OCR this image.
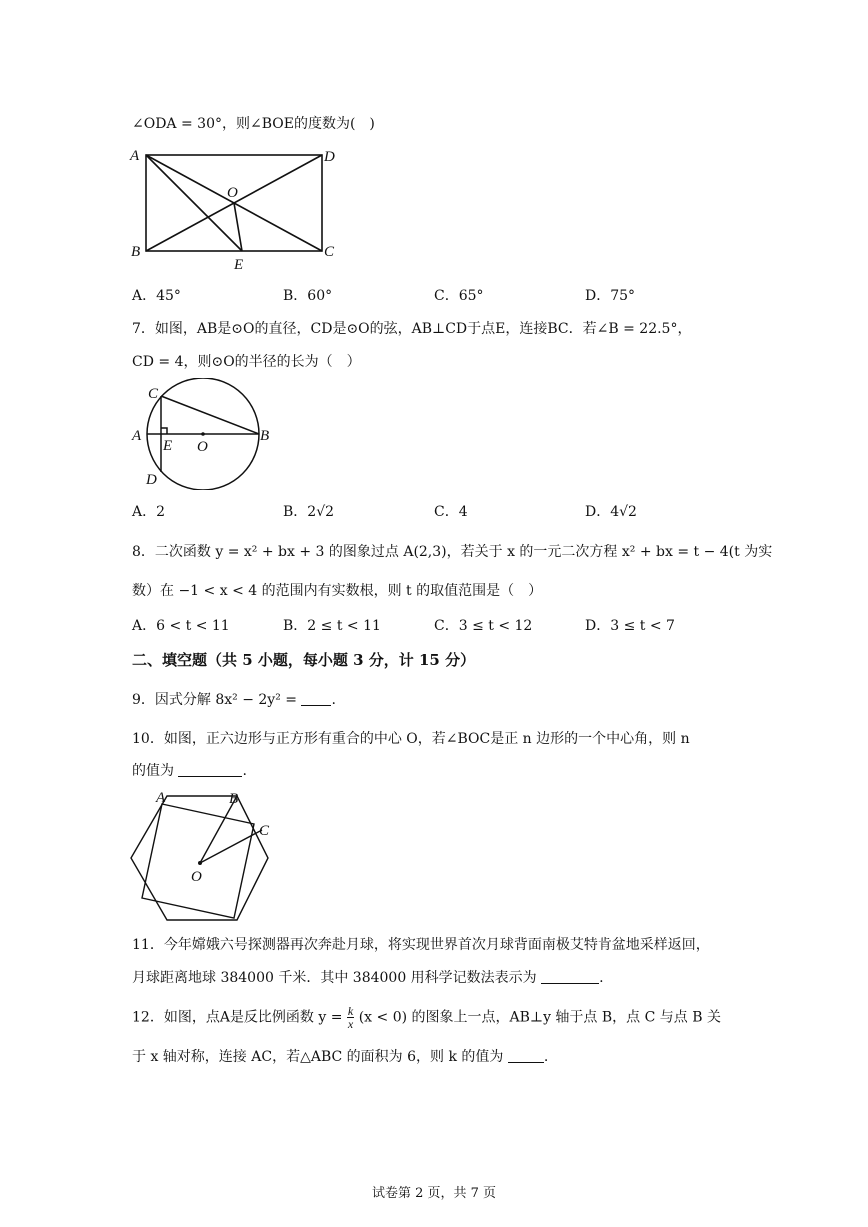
∠ODA = 30°，则∠BOE的度数为(　)
A	D
O
B	C
E
A．45°	B．60°	C．65°	D．75°
7．如图，AB是⊙O的直径，CD是⊙O的弦，AB⊥CD于点E，连接BC．若∠B = 22.5°，
CD = 4，则⊙O的半径的长为（　）
C
A	B
E O
D
A．2	B．2√2	C．4	D．4√2
8．二次函数 y = x² + bx + 3 的图象过点 A(2,3)，若关于 x 的一元二次方程 x² + bx = t − 4(t 为实
数）在 −1 < x < 4 的范围内有实数根，则 t 的取值范围是（　）
A．6 < t < 11	B．2 ≤ t < 11	C．3 ≤ t < 12	D．3 ≤ t < 7
二、填空题（共 5 小题，每小题 3 分，计 15 分）
9．因式分解 8x² − 2y² = .
10．如图，正六边形与正方形有重合的中心 O，若∠BOC是正 n 边形的一个中心角，则 n
的值为	.
A	B
C
O
11．今年嫦娥六号探测器再次奔赴月球，将实现世界首次月球背面南极艾特肯盆地采样返回，
月球距离地球 384000 千米．其中 384000 用科学记数法表示为	.
12．如图，点A是反比例函数 $y = \frac{k}{x} (x < 0)$ 的图象上一点，AB⊥y 轴于点 B，点 C 与点 B 关
于 x 轴对称，连接 AC，若△ABC 的面积为 6，则 k 的值为	.
试卷第 2 页，共 7 页
